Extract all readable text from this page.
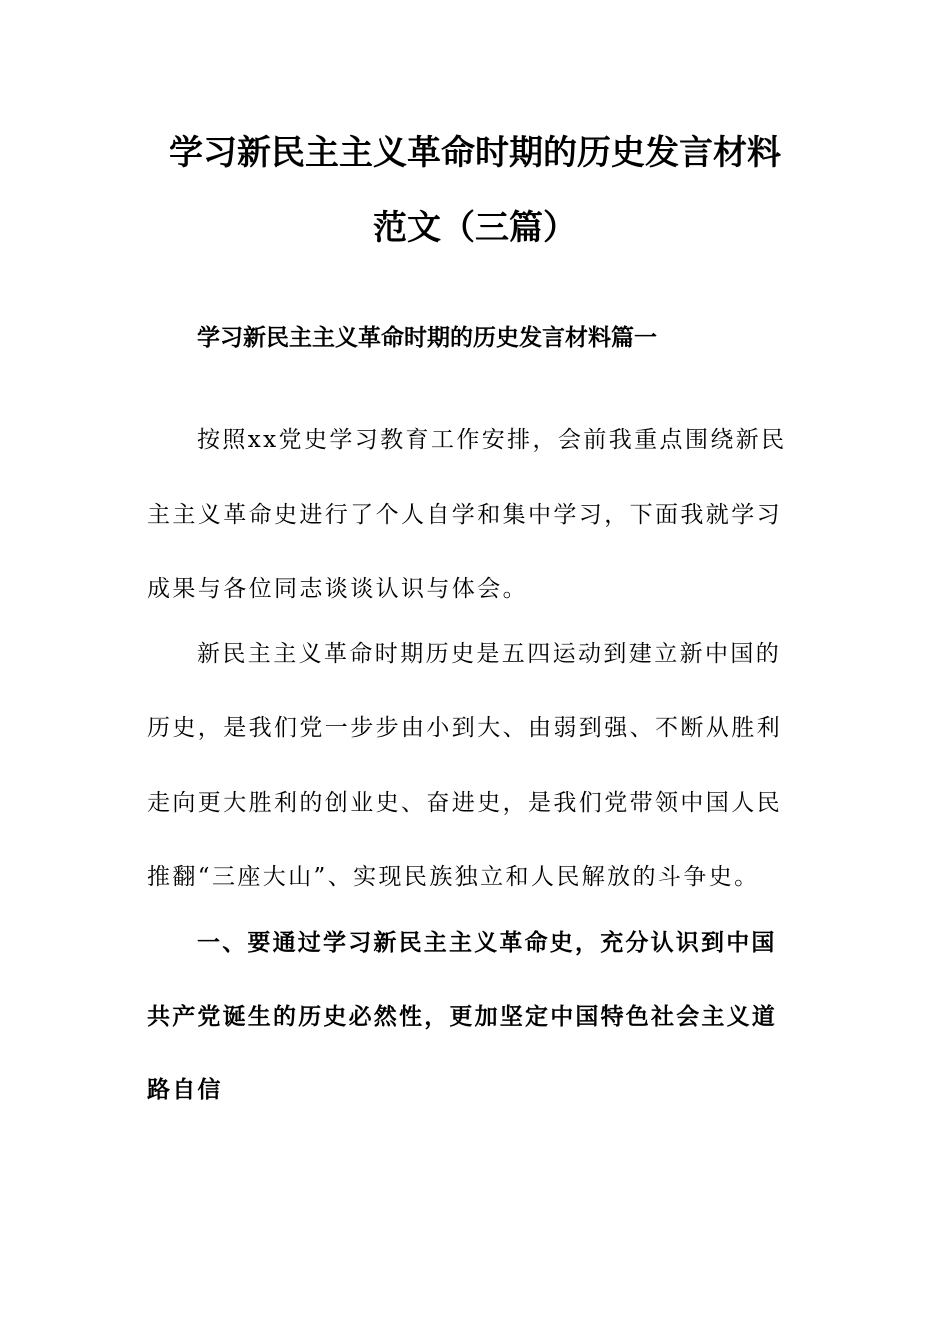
学习新民主主义革命时期的历史发言材料
范文（三篇）
学习新民主主义革命时期的历史发言材料篇一
按照xx党史学习教育工作安排，会前我重点围绕新民
主主义革命史进行了个人自学和集中学习，下面我就学习
成果与各位同志谈谈认识与体会。
新民主主义革命时期历史是五四运动到建立新中国的
历史，是我们党一步步由小到大、由弱到强、不断从胜利
走向更大胜利的创业史、奋进史，是我们党带领中国人民
推翻“三座大山”、实现民族独立和人民解放的斗争史。
一、要通过学习新民主主义革命史，充分认识到中国
共产党诞生的历史必然性，更加坚定中国特色社会主义道
路自信
